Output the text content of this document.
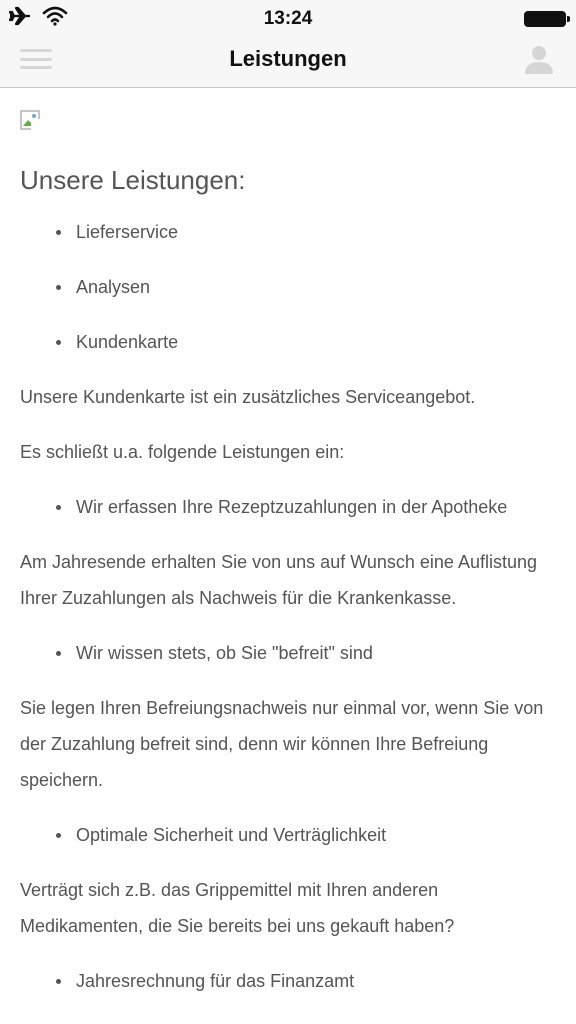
13:24
Leistungen
Unsere Leistungen:
Lieferservice
Analysen
Kundenkarte

Unsere Kundenkarte ist ein zusätzliches Serviceangebot.

Es schließt u.a. folgende Leistungen ein:

Wir erfassen Ihre Rezeptzuzahlungen in der Apotheke

Am Jahresende erhalten Sie von uns auf Wunsch eine Auflistung Ihrer Zuzahlungen als Nachweis für die Krankenkasse.

Wir wissen stets, ob Sie "befreit" sind

Sie legen Ihren Befreiungsnachweis nur einmal vor, wenn Sie von der Zuzahlung befreit sind, denn wir können Ihre Befreiung speichern.

Optimale Sicherheit und Verträglichkeit

Verträgt sich z.B. das Grippemittel mit Ihren anderen Medikamenten, die Sie bereits bei uns gekauft haben?

Jahresrechnung für das Finanzamt
